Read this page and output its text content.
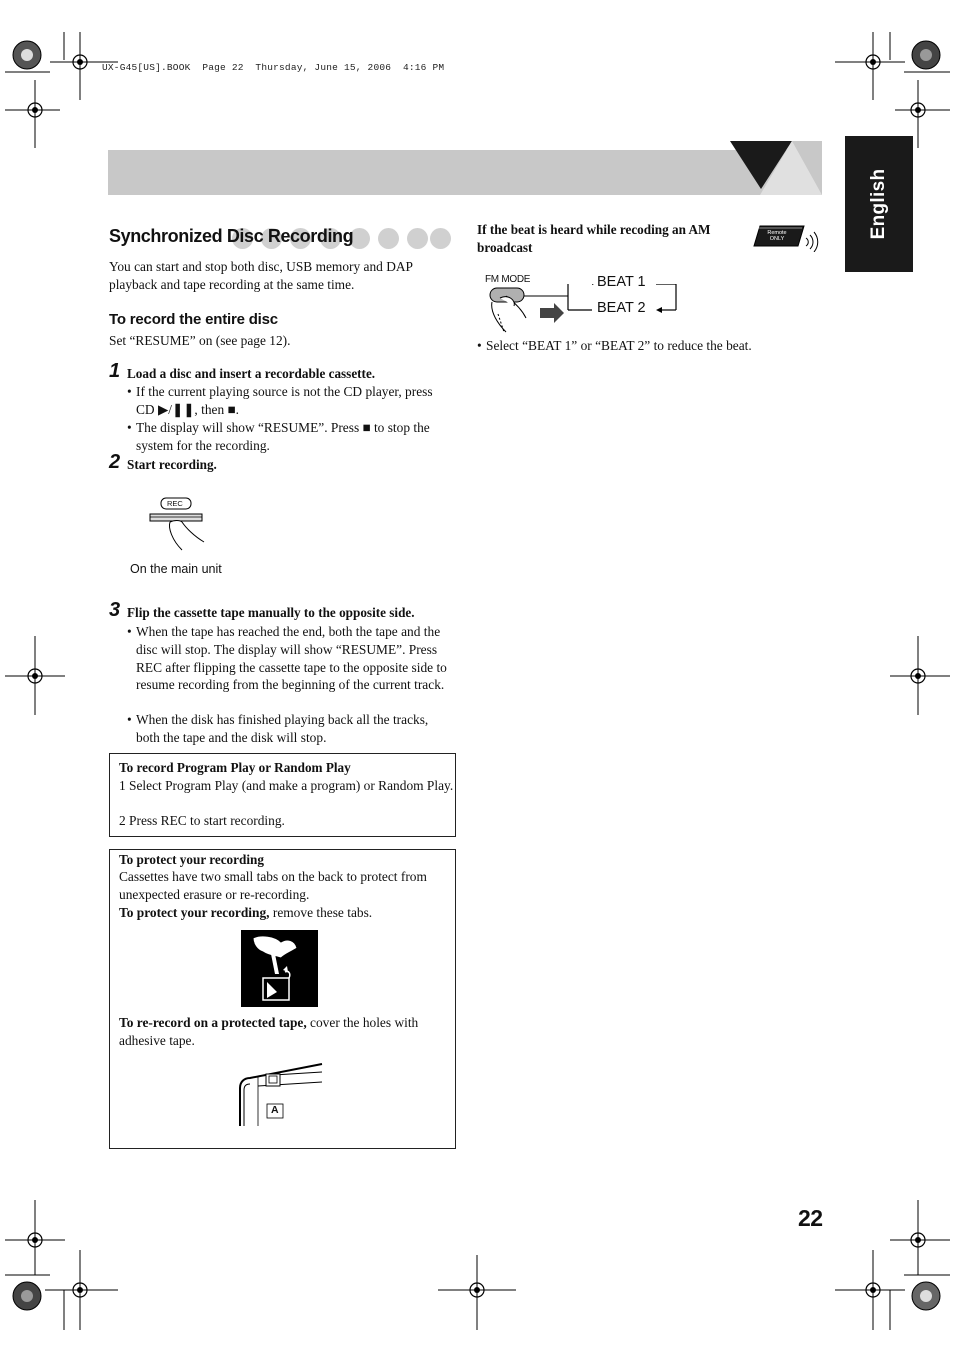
UX-G45[US].BOOK  Page 22  Thursday, June 15, 2006  4:16 PM
English
Synchronized Disc Recording
You can start and stop both disc, USB memory and DAP playback and tape recording at the same time.
To record the entire disc
Set “RESUME” on (see page 12).
1 Load a disc and insert a recordable cassette.
• If the current playing source is not the CD player, press CD ▶/❚❚, then ■.
• The display will show “RESUME”. Press ■ to stop the system for the recording.
2 Start recording.
REC
On the main unit
3 Flip the cassette tape manually to the opposite side.
• When the tape has reached the end, both the tape and the disc will stop. The display will show “RESUME”. Press REC after flipping the cassette tape to the opposite side to resume recording from the beginning of the current track.
• When the disk has finished playing back all the tracks, both the tape and the disk will stop.
To record Program Play or Random Play
1 Select Program Play (and make a program) or Random Play.
2 Press REC to start recording.
To protect your recording
Cassettes have two small tabs on the back to protect from unexpected erasure or re-recording.
To protect your recording, remove these tabs.
To re-record on a protected tape, cover the holes with adhesive tape.
A
If the beat is heard while recoding an AM broadcast
Remote
ONLY
FM MODE	BEAT 1
BEAT 2
• Select “BEAT 1” or “BEAT 2” to reduce the beat.
22
